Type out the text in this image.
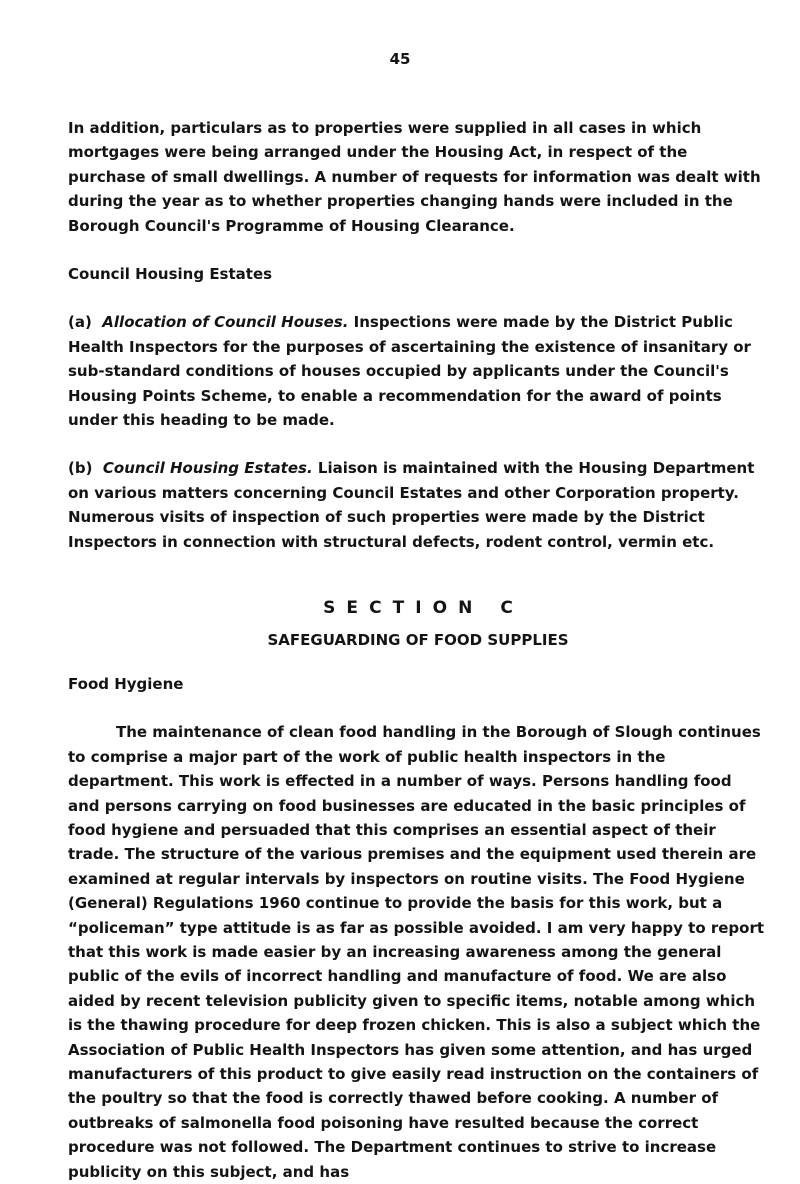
45

In addition, particulars as to properties were supplied in all cases in which mortgages were being arranged under the Housing Act, in respect of the purchase of small dwellings. A number of requests for information was dealt with during the year as to whether properties changing hands were included in the Borough Council's Programme of Housing Clearance.

Council Housing Estates

(a) Allocation of Council Houses. Inspections were made by the District Public Health Inspectors for the purposes of ascertaining the existence of insanitary or sub-standard conditions of houses occupied by applicants under the Council's Housing Points Scheme, to enable a recommendation for the award of points under this heading to be made.

(b) Council Housing Estates. Liaison is maintained with the Housing Department on various matters concerning Council Estates and other Corporation property. Numerous visits of inspection of such properties were made by the District Inspectors in connection with structural defects, rodent control, vermin etc.

SECTION C

SAFEGUARDING OF FOOD SUPPLIES

Food Hygiene

The maintenance of clean food handling in the Borough of Slough continues to comprise a major part of the work of public health inspectors in the department. This work is effected in a number of ways. Persons handling food and persons carrying on food businesses are educated in the basic principles of food hygiene and persuaded that this comprises an essential aspect of their trade. The structure of the various premises and the equipment used therein are examined at regular intervals by inspectors on routine visits. The Food Hygiene (General) Regulations 1960 continue to provide the basis for this work, but a “policeman” type attitude is as far as possible avoided. I am very happy to report that this work is made easier by an increasing awareness among the general public of the evils of incorrect handling and manufacture of food. We are also aided by recent television publicity given to specific items, notable among which is the thawing procedure for deep frozen chicken. This is also a subject which the Association of Public Health Inspectors has given some attention, and has urged manufacturers of this product to give easily read instruction on the containers of the poultry so that the food is correctly thawed before cooking. A number of outbreaks of salmonella food poisoning have resulted because the correct procedure was not followed. The Department continues to strive to increase publicity on this subject, and has
